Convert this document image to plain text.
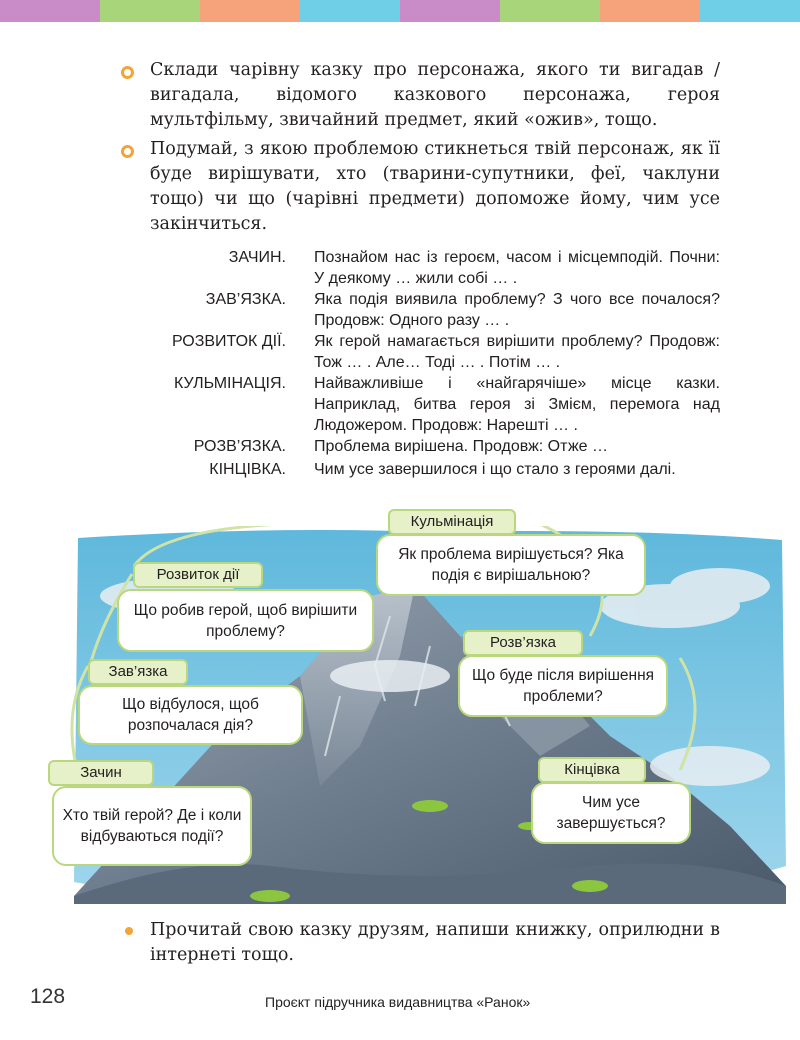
Склади чарівну казку про персонажа, якого ти вигадав / вигадала, відомого казкового персонажа, героя мультфільму, звичайний предмет, який «ожив», тощо.
Подумай, з якою проблемою стикнеться твій персонаж, як її буде вирішувати, хто (тварини-супутники, феї, чаклуни тощо) чи що (чарівні предмети) допоможе йому, чим усе закінчиться.
ЗАЧИН. Познайом нас із героєм, часом і місцемподій. Почни: У деякому … жили собі … .
ЗАВ’ЯЗКА. Яка подія виявила проблему? З чого все почалося? Продовж: Одного разу … .
РОЗВИТОК ДІЇ. Як герой намагається вирішити проблему? Продовж: Тож … . Але… Тоді … . Потім … .
КУЛЬМІНАЦІЯ. Найважливіше і «найгарячіше» місце казки. Наприклад, битва героя зі Змієм, перемога над Людожером. Продовж: Нарешті … .
РОЗВ’ЯЗКА. Проблема вирішена. Продовж: Отже …
КІНЦІВКА. Чим усе завершилося і що стало з героями далі.
Хто твій герой? Де і коли відбуваються події?
Зачин
Що відбулося, щоб розпочалася дія?
Зав’язка
Що робив герой, щоб вирішити проблему?
Розвиток дії
Як проблема вирішується? Яка подія є вирішальною?
Кульмінація
Що буде після вирішення проблеми?
Розв’язка
Чим усе завершується?
Кінцівка
Прочитай свою казку друзям, напиши книжку, оприлюдни в інтернеті тощо.
128	Проєкт підручника видавництва «Ранок»
